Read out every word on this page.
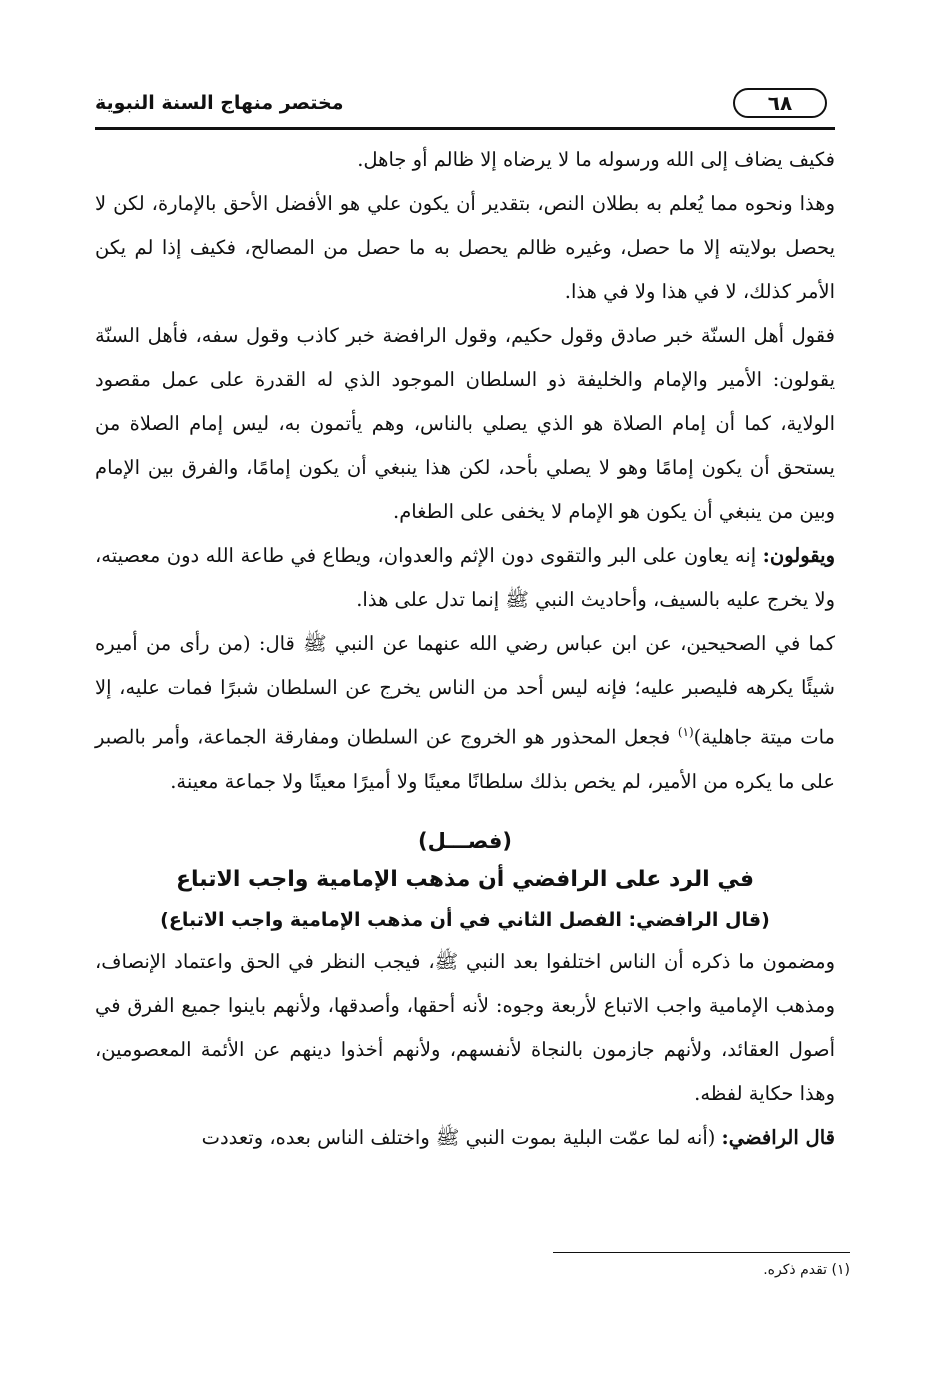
٦٨
مختصر منهاج السنة النبوية

فكيف يضاف إلى الله ورسوله ما لا يرضاه إلا ظالم أو جاهل.

وهذا ونحوه مما يُعلم به بطلان النص، بتقدير أن يكون علي هو الأفضل الأحق بالإمارة، لكن لا يحصل بولايته إلا ما حصل، وغيره ظالم يحصل به ما حصل من المصالح، فكيف إذا لم يكن الأمر كذلك، لا في هذا ولا في هذا.

فقول أهل السنّة خبر صادق وقول حكيم، وقول الرافضة خبر كاذب وقول سفه، فأهل السنّة يقولون: الأمير والإمام والخليفة ذو السلطان الموجود الذي له القدرة على عمل مقصود الولاية، كما أن إمام الصلاة هو الذي يصلي بالناس، وهم يأتمون به، ليس إمام الصلاة من يستحق أن يكون إمامًا وهو لا يصلي بأحد، لكن هذا ينبغي أن يكون إمامًا، والفرق بين الإمام وبين من ينبغي أن يكون هو الإمام لا يخفى على الطغام.

ويقولون: إنه يعاون على البر والتقوى دون الإثم والعدوان، ويطاع في طاعة الله دون معصيته، ولا يخرج عليه بالسيف، وأحاديث النبي ﷺ إنما تدل على هذا.

كما في الصحيحين، عن ابن عباس رضي الله عنهما عن النبي ﷺ قال: (من رأى من أميره شيئًا يكرهه فليصبر عليه؛ فإنه ليس أحد من الناس يخرج عن السلطان شبرًا فمات عليه، إلا مات ميتة جاهلية)$^{(١)}$ فجعل المحذور هو الخروج عن السلطان ومفارقة الجماعة، وأمر بالصبر على ما يكره من الأمير، لم يخص بذلك سلطانًا معينًا ولا أميرًا معينًا ولا جماعة معينة.

(فصـــل)
في الرد على الرافضي أن مذهب الإمامية واجب الاتباع
(قال الرافضي: الفصل الثاني في أن مذهب الإمامية واجب الاتباع)

ومضمون ما ذكره أن الناس اختلفوا بعد النبي ﷺ، فيجب النظر في الحق واعتماد الإنصاف، ومذهب الإمامية واجب الاتباع لأربعة وجوه: لأنه أحقها، وأصدقها، ولأنهم باينوا جميع الفرق في أصول العقائد، ولأنهم جازمون بالنجاة لأنفسهم، ولأنهم أخذوا دينهم عن الأئمة المعصومين، وهذا حكاية لفظه.

قال الرافضي: (أنه لما عمّت البلية بموت النبي ﷺ واختلف الناس بعده، وتعددت

(١) تقدم ذكره.
